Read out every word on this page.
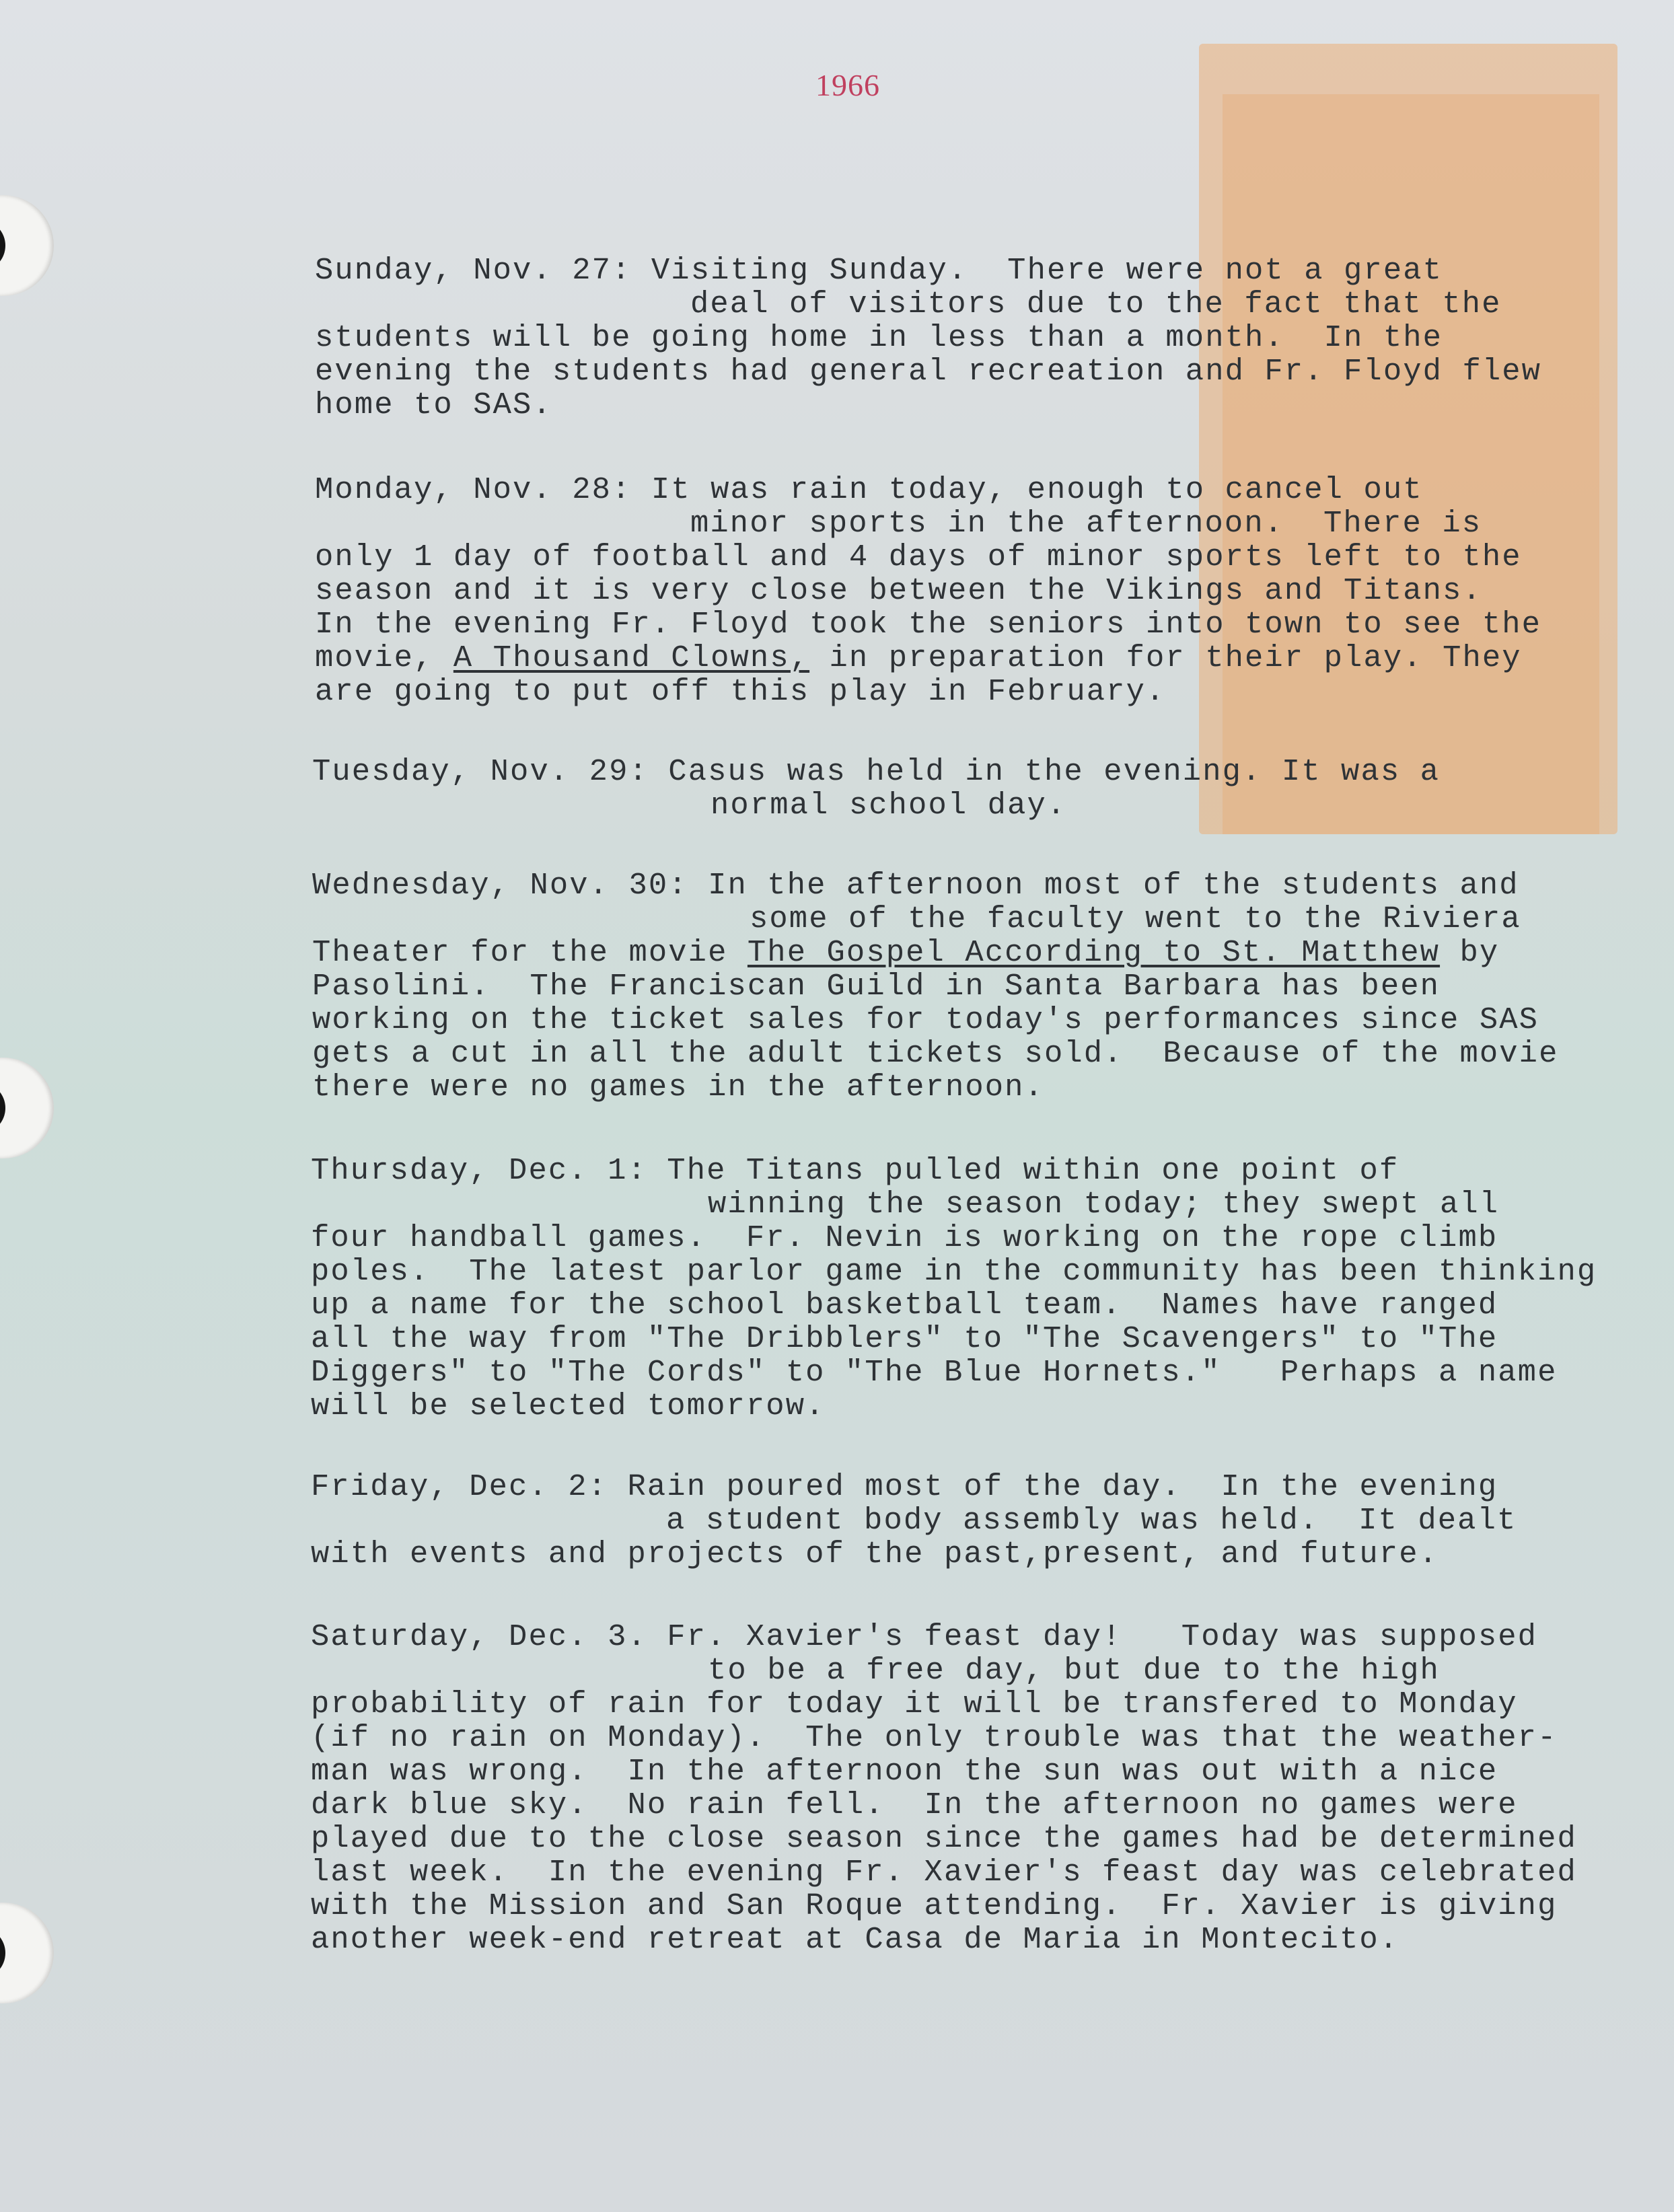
1966
Sunday, Nov. 27: Visiting Sunday.  There were not a great
deal of visitors due to the fact that the
students will be going home in less than a month.  In the
evening the students had general recreation and Fr. Floyd flew
home to SAS.
Monday, Nov. 28: It was rain today, enough to cancel out
minor sports in the afternoon.  There is
only 1 day of football and 4 days of minor sports left to the
season and it is very close between the Vikings and Titans.
In the evening Fr. Floyd took the seniors into town to see the
movie, A Thousand Clowns, in preparation for their play. They
are going to put off this play in February.
Tuesday, Nov. 29: Casus was held in the evening. It was a
normal school day.
Wednesday, Nov. 30: In the afternoon most of the students and
some of the faculty went to the Riviera
Theater for the movie The Gospel According to St. Matthew by
Pasolini.  The Franciscan Guild in Santa Barbara has been
working on the ticket sales for today's performances since SAS
gets a cut in all the adult tickets sold.  Because of the movie
there were no games in the afternoon.
Thursday, Dec. 1: The Titans pulled within one point of
winning the season today; they swept all
four handball games.  Fr. Nevin is working on the rope climb
poles.  The latest parlor game in the community has been thinking
up a name for the school basketball team.  Names have ranged
all the way from "The Dribblers" to "The Scavengers" to "The
Diggers" to "The Cords" to "The Blue Hornets."   Perhaps a name
will be selected tomorrow.
Friday, Dec. 2: Rain poured most of the day.  In the evening
a student body assembly was held.  It dealt
with events and projects of the past,present, and future.
Saturday, Dec. 3. Fr. Xavier's feast day!   Today was supposed
to be a free day, but due to the high
probability of rain for today it will be transfered to Monday
(if no rain on Monday).  The only trouble was that the weather-
man was wrong.  In the afternoon the sun was out with a nice
dark blue sky.  No rain fell.  In the afternoon no games were
played due to the close season since the games had be determined
last week.  In the evening Fr. Xavier's feast day was celebrated
with the Mission and San Roque attending.  Fr. Xavier is giving
another week-end retreat at Casa de Maria in Montecito.
